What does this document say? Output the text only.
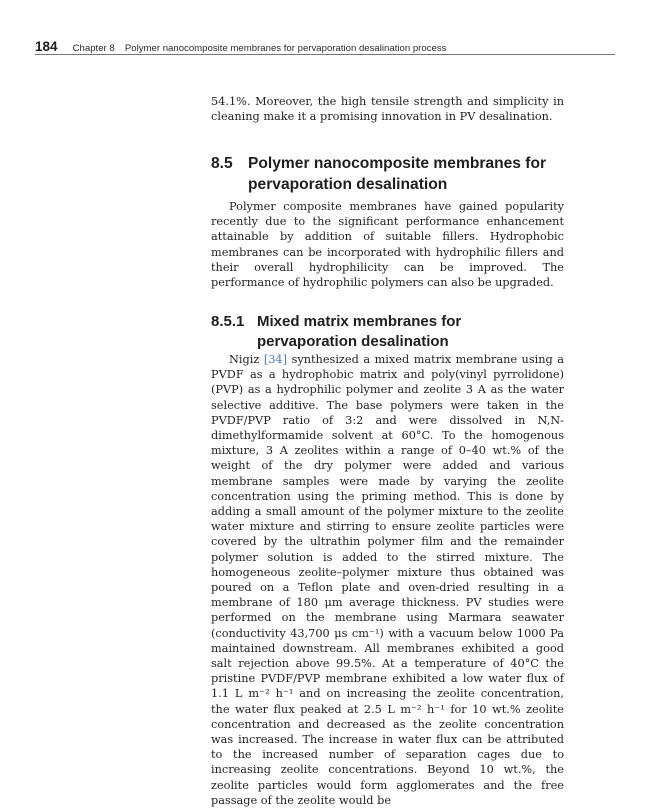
184 Chapter 8 Polymer nanocomposite membranes for pervaporation desalination process

54.1%. Moreover, the high tensile strength and simplicity in cleaning make it a promising innovation in PV desalination.

8.5 Polymer nanocomposite membranes for pervaporation desalination

Polymer composite membranes have gained popularity recently due to the significant performance enhancement attainable by addition of suitable fillers. Hydrophobic membranes can be incorporated with hydrophilic fillers and their overall hydrophilicity can be improved. The performance of hydrophilic polymers can also be upgraded.

8.5.1 Mixed matrix membranes for pervaporation desalination

Nigiz [34] synthesized a mixed matrix membrane using a PVDF as a hydrophobic matrix and poly(vinyl pyrrolidone) (PVP) as a hydrophilic polymer and zeolite 3 A as the water selective additive. The base polymers were taken in the PVDF/PVP ratio of 3:2 and were dissolved in N,N-dimethylformamide solvent at 60°C. To the homogenous mixture, 3 A zeolites within a range of 0–40 wt.% of the weight of the dry polymer were added and various membrane samples were made by varying the zeolite concentration using the priming method. This is done by adding a small amount of the polymer mixture to the zeolite water mixture and stirring to ensure zeolite particles were covered by the ultrathin polymer film and the remainder polymer solution is added to the stirred mixture. The homogeneous zeolite–polymer mixture thus obtained was poured on a Teflon plate and oven-dried resulting in a membrane of 180 μm average thickness. PV studies were performed on the membrane using Marmara seawater (conductivity 43,700 μs cm⁻¹) with a vacuum below 1000 Pa maintained downstream. All membranes exhibited a good salt rejection above 99.5%. At a temperature of 40°C the pristine PVDF/PVP membrane exhibited a low water flux of 1.1 L m⁻² h⁻¹ and on increasing the zeolite concentration, the water flux peaked at 2.5 L m⁻² h⁻¹ for 10 wt.% zeolite concentration and decreased as the zeolite concentration was increased. The increase in water flux can be attributed to the increased number of separation cages due to increasing zeolite concentrations. Beyond 10 wt.%, the zeolite particles would form agglomerates and the free passage of the zeolite would be
